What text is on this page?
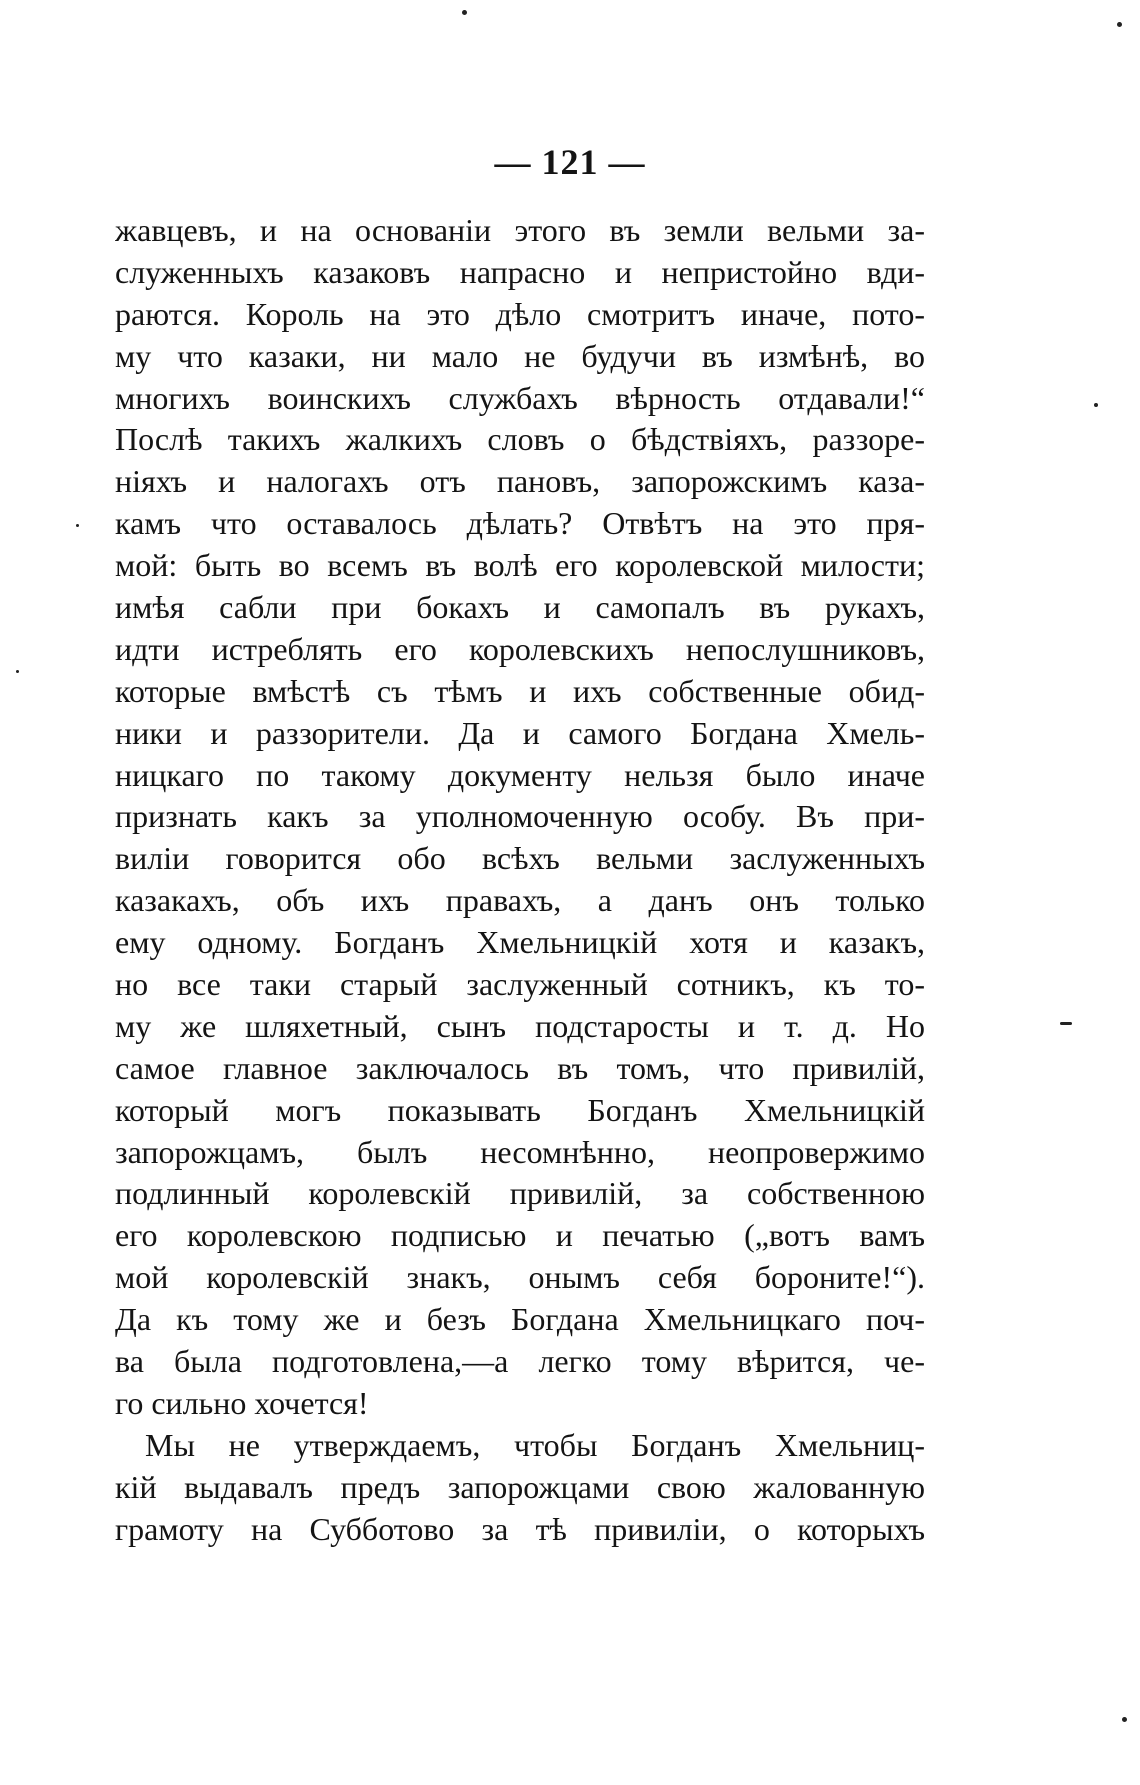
— 121 —
жавцевъ, и на основанiи этого въ земли вельми за-
служенныхъ казаковъ напрасно и непристойно вди-
раются. Король на это дѣло смотритъ иначе, пото-
му что казаки, ни мало не будучи въ измѣнѣ, во
многихъ воинскихъ службахъ вѣрность отдавали!“
Послѣ такихъ жалкихъ словъ о бѣдствiяхъ, раззоре-
нiяхъ и налогахъ отъ пановъ, запорожскимъ каза-
камъ что оставалось дѣлать? Отвѣтъ на это пря-
мой: быть во всемъ въ волѣ его королевской милости;
имѣя сабли при бокахъ и самопалъ въ рукахъ,
идти истреблять его королевскихъ непослушниковъ,
которые вмѣстѣ съ тѣмъ и ихъ собственные обид-
ники и раззорители. Да и самого Богдана Хмель-
ницкаго по такому документу нельзя было иначе
признать какъ за уполномоченную особу. Въ при-
вилiи говорится обо всѣхъ вельми заслуженныхъ
казакахъ, объ ихъ правахъ, а данъ онъ только
ему одному. Богданъ Хмельницкiй хотя и казакъ,
но все таки старый заслуженный сотникъ, къ то-
му же шляхетный, сынъ подстаросты и т. д. Но
самое главное заключалось въ томъ, что привилiй,
который могъ показывать Богданъ Хмельницкiй
запорожцамъ, былъ несомнѣнно, неопровержимо
подлинный королевскiй привилiй, за собственною
его королевскою подписью и печатью („вотъ вамъ
мой королевскiй знакъ, онымъ себя бороните!“).
Да къ тому же и безъ Богдана Хмельницкаго поч-
ва была подготовлена,—а легко тому вѣрится, че-
го сильно хочется!
Мы не утверждаемъ, чтобы Богданъ Хмельниц-
кiй выдавалъ предъ запорожцами свою жалованную
грамоту на Субботово за тѣ привилiи, о которыхъ
